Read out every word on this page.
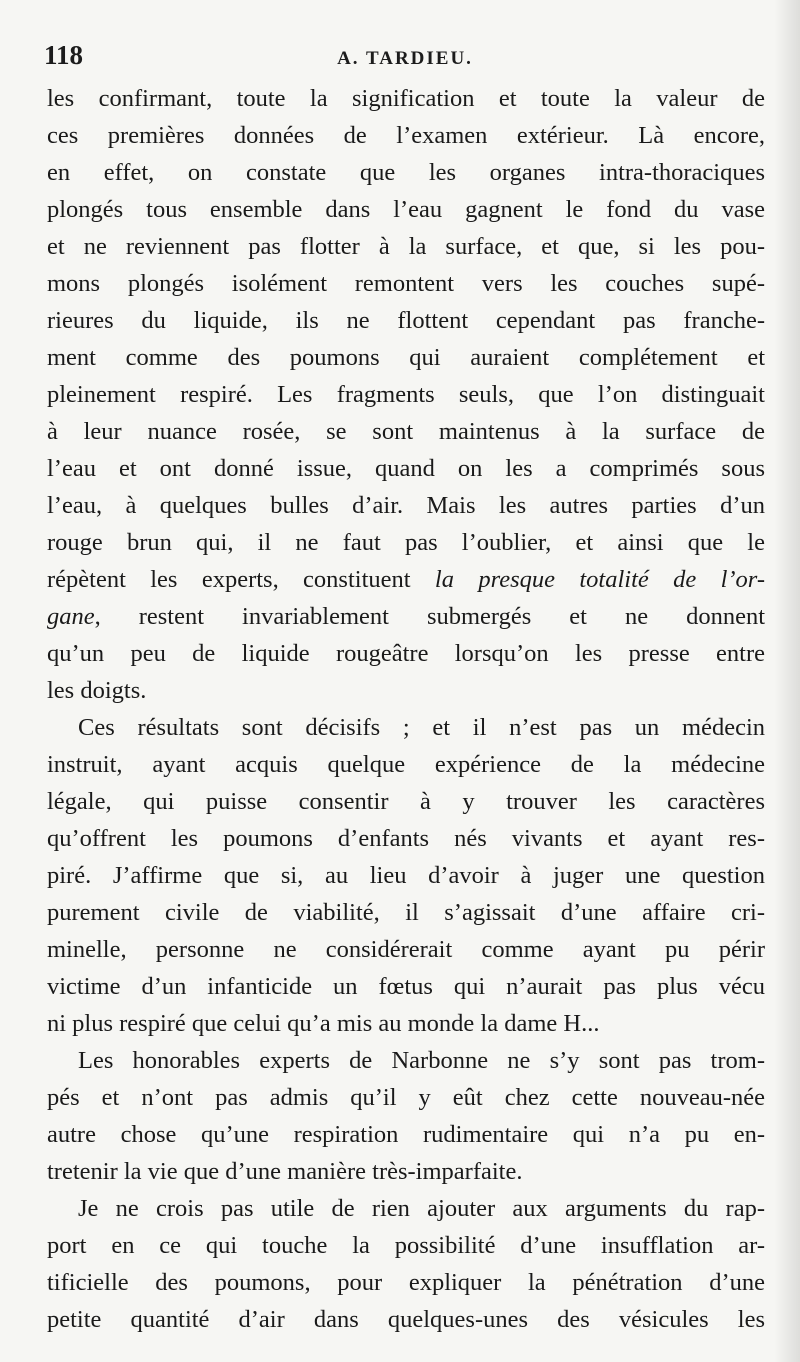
118	A. TARDIEU.
les confirmant, toute la signification et toute la valeur de
ces premières données de l’examen extérieur. Là encore,
en effet, on constate que les organes intra-thoraciques
plongés tous ensemble dans l’eau gagnent le fond du vase
et ne reviennent pas flotter à la surface, et que, si les pou-
mons plongés isolément remontent vers les couches supé-
rieures du liquide, ils ne flottent cependant pas franche-
ment comme des poumons qui auraient complétement et
pleinement respiré. Les fragments seuls, que l’on distinguait
à leur nuance rosée, se sont maintenus à la surface de
l’eau et ont donné issue, quand on les a comprimés sous
l’eau, à quelques bulles d’air. Mais les autres parties d’un
rouge brun qui, il ne faut pas l’oublier, et ainsi que le
répètent les experts, constituent la presque totalité de l’or-
gane, restent invariablement submergés et ne donnent
qu’un peu de liquide rougeâtre lorsqu’on les presse entre
les doigts.
Ces résultats sont décisifs ; et il n’est pas un médecin
instruit, ayant acquis quelque expérience de la médecine
légale, qui puisse consentir à y trouver les caractères
qu’offrent les poumons d’enfants nés vivants et ayant res-
piré. J’affirme que si, au lieu d’avoir à juger une question
purement civile de viabilité, il s’agissait d’une affaire cri-
minelle, personne ne considérerait comme ayant pu périr
victime d’un infanticide un fœtus qui n’aurait pas plus vécu
ni plus respiré que celui qu’a mis au monde la dame H...
Les honorables experts de Narbonne ne s’y sont pas trom-
pés et n’ont pas admis qu’il y eût chez cette nouveau-née
autre chose qu’une respiration rudimentaire qui n’a pu en-
tretenir la vie que d’une manière très-imparfaite.
Je ne crois pas utile de rien ajouter aux arguments du rap-
port en ce qui touche la possibilité d’une insufflation ar-
tificielle des poumons, pour expliquer la pénétration d’une
petite quantité d’air dans quelques-unes des vésicules les
